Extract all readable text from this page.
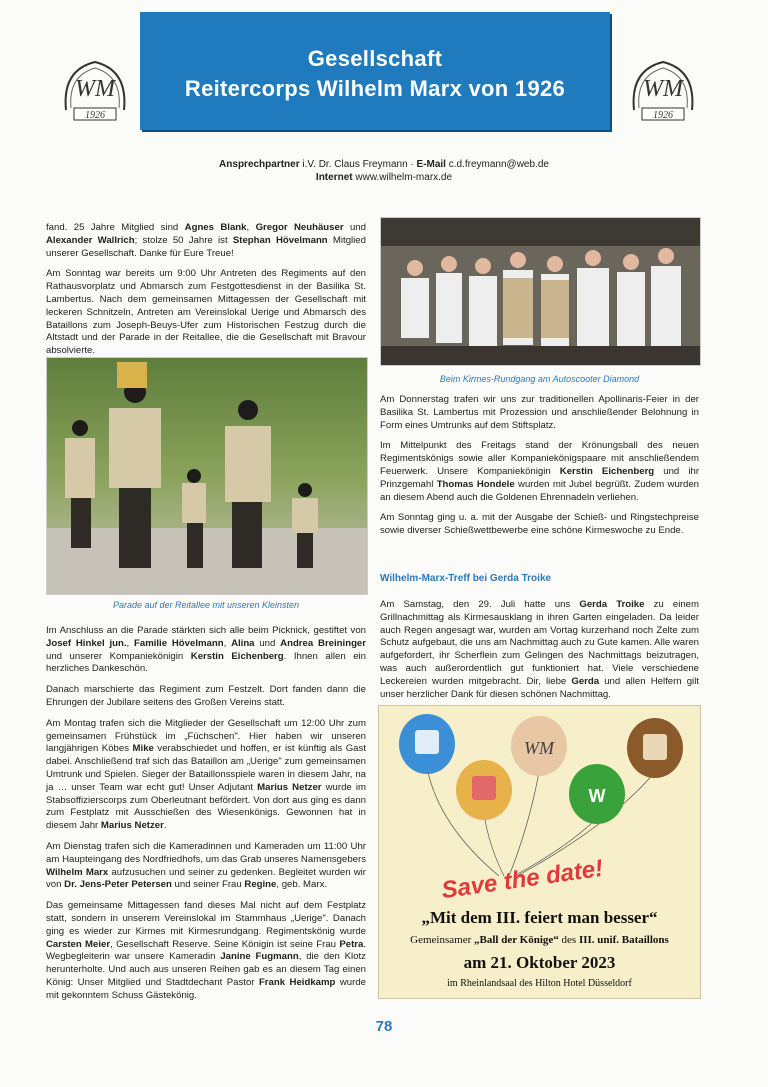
WM
1926
WM
1926
Gesellschaft
Reitercorps Wilhelm Marx von 1926
Ansprechpartner i.V. Dr. Claus Freymann · E-Mail c.d.freymann@web.de
Internet www.wilhelm-marx.de

fand. 25 Jahre Mitglied sind Agnes Blank, Gregor Neuhäuser und Alexander Wallrich; stolze 50 Jahre ist Stephan Hövelmann Mitglied unserer Gesellschaft. Danke für Eure Treue!

Am Sonntag war bereits um 9:00 Uhr Antreten des Regiments auf den Rathausvorplatz und Abmarsch zum Festgottesdienst in der Basilika St. Lambertus. Nach dem gemeinsamen Mittagessen der Gesellschaft mit leckeren Schnitzeln, Antreten am Vereinslokal Uerige und Abmarsch des Bataillons zum Joseph-Beuys-Ufer zum Historischen Festzug durch die Altstadt und der Parade in der Reitallee, die die Gesellschaft mit Bravour absolvierte.

Parade auf der Reitallee mit unseren Kleinsten

Im Anschluss an die Parade stärkten sich alle beim Picknick, gestiftet von Josef Hinkel jun., Familie Hövelmann, Alina und Andrea Breininger und unserer Kompaniekönigin Kerstin Eichenberg. Ihnen allen ein herzliches Dankeschön.

Danach marschierte das Regiment zum Festzelt. Dort fanden dann die Ehrungen der Jubilare seitens des Großen Vereins statt.

Am Montag trafen sich die Mitglieder der Gesellschaft um 12:00 Uhr zum gemeinsamen Frühstück im „Füchschen". Hier haben wir unseren langjährigen Köbes Mike verabschiedet und hoffen, er ist künftig als Gast dabei. Anschließend traf sich das Bataillon am „Uerige" zum gemeinsamen Umtrunk und Spielen. Sieger der Bataillonsspiele waren in diesem Jahr, na ja … unser Team war echt gut! Unser Adjutant Marius Netzer wurde im Stabsoffizierscorps zum Oberleutnant befördert. Von dort aus ging es dann zum Festplatz mit Ausschießen des Wiesenkönigs. Gewonnen hat in diesem Jahr Marius Netzer.

Am Dienstag trafen sich die Kameradinnen und Kameraden um 11:00 Uhr am Haupteingang des Nordfriedhofs, um das Grab unseres Namensgebers Wilhelm Marx aufzusuchen und seiner zu gedenken. Begleitet wurden wir von Dr. Jens-Peter Petersen und seiner Frau Regine, geb. Marx.

Das gemeinsame Mittagessen fand dieses Mal nicht auf dem Festplatz statt, sondern in unserem Vereinslokal im Stammhaus „Uerige". Danach ging es wieder zur Kirmes mit Kirmesrundgang. Regimentskönig wurde Carsten Meier, Gesellschaft Reserve. Seine Königin ist seine Frau Petra. Wegbegleiterin war unsere Kameradin Janine Fugmann, die den Klotz herunterholte. Und auch aus unseren Reihen gab es an diesem Tag einen König: Unser Mitglied und Stadtdechant Pastor Frank Heidkamp wurde mit gekonntem Schuss Gästekönig.

Beim Kirmes-Rundgang am Autoscooter Diamond

Am Donnerstag trafen wir uns zur traditionellen Apollinaris-Feier in der Basilika St. Lambertus mit Prozession und anschließender Belohnung in Form eines Umtrunks auf dem Stiftsplatz.

Im Mittelpunkt des Freitags stand der Krönungsball des neuen Regimentskönigs sowie aller Kompaniekönigspaare mit anschließendem Feuerwerk. Unsere Kompaniekönigin Kerstin Eichenberg und ihr Prinzgemahl Thomas Hondele wurden mit Jubel begrüßt. Zudem wurden an diesem Abend auch die Goldenen Ehrennadeln verliehen.

Am Sonntag ging u. a. mit der Ausgabe der Schieß- und Ringstechpreise sowie diverser Schießwettbewerbe eine schöne Kirmeswoche zu Ende.

Wilhelm-Marx-Treff bei Gerda Troike

Am Samstag, den 29. Juli hatte uns Gerda Troike zu einem Grillnachmittag als Kirmesausklang in ihren Garten eingeladen. Da leider auch Regen angesagt war, wurden am Vortag kurzerhand noch Zelte zum Schutz aufgebaut, die uns am Nachmittag auch zu Gute kamen. Alle waren aufgefordert, ihr Scherflein zum Gelingen des Nachmittags beizutragen, was auch außerordentlich gut funktioniert hat. Viele verschiedene Leckereien wurden mitgebracht. Dir, liebe Gerda und allen Helfern gilt unser herzlicher Dank für diesen schönen Nachmittag.

WM
W
Save the date!
„Mit dem III. feiert man besser“
Gemeinsamer „Ball der Könige“ des III. unif. Bataillons
am 21. Oktober 2023
im Rheinlandsaal des Hilton Hotel Düsseldorf
78
